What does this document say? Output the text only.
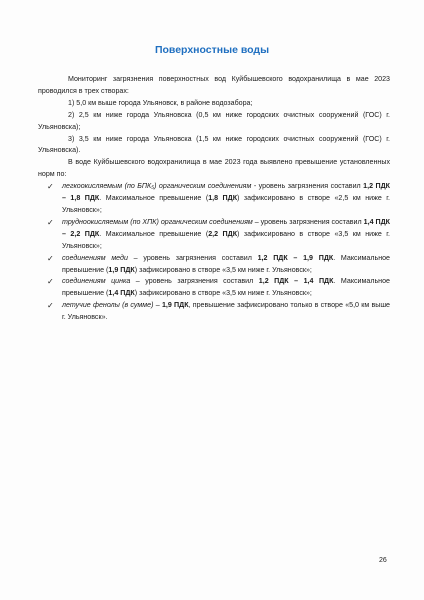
Поверхностные воды

Мониторинг загрязнения поверхностных вод Куйбышевского водохранилища в мае 2023 проводился в трех створах:

1) 5,0 км выше города Ульяновск, в районе водозабора;

2) 2,5 км ниже города Ульяновска (0,5 км ниже городских очистных сооружений (ГОС) г. Ульяновска);

3) 3,5 км ниже города Ульяновска (1,5 км ниже городских очистных сооружений (ГОС) г. Ульяновска).

В воде Куйбышевского водохранилища в мае 2023 года выявлено превышение установленных норм по:

✓ легкоокисляемым (по БПК₅) органическим соединениям - уровень загрязнения составил 1,2 ПДК – 1,8 ПДК. Максимальное превышение (1,8 ПДК) зафиксировано в створе «2,5 км ниже г. Ульяновск»;
✓ трудноокисляемым (по ХПК) органическим соединениям – уровень загрязнения составил 1,4 ПДК – 2,2 ПДК. Максимальное превышение (2,2 ПДК) зафиксировано в створе «3,5 км ниже г. Ульяновск»;
✓ соединениям меди – уровень загрязнения составил 1,2 ПДК – 1,9 ПДК. Максимальное превышение (1,9 ПДК) зафиксировано в створе «3,5 км ниже г. Ульяновск»;
✓ соединениям цинка – уровень загрязнения составил 1,2 ПДК – 1,4 ПДК. Максимальное превышение (1,4 ПДК) зафиксировано в створе «3,5 км ниже г. Ульяновск»;
✓ летучие фенолы (в сумме) – 1,9 ПДК, превышение зафиксировано только в створе «5,0 км выше г. Ульяновск».
26
